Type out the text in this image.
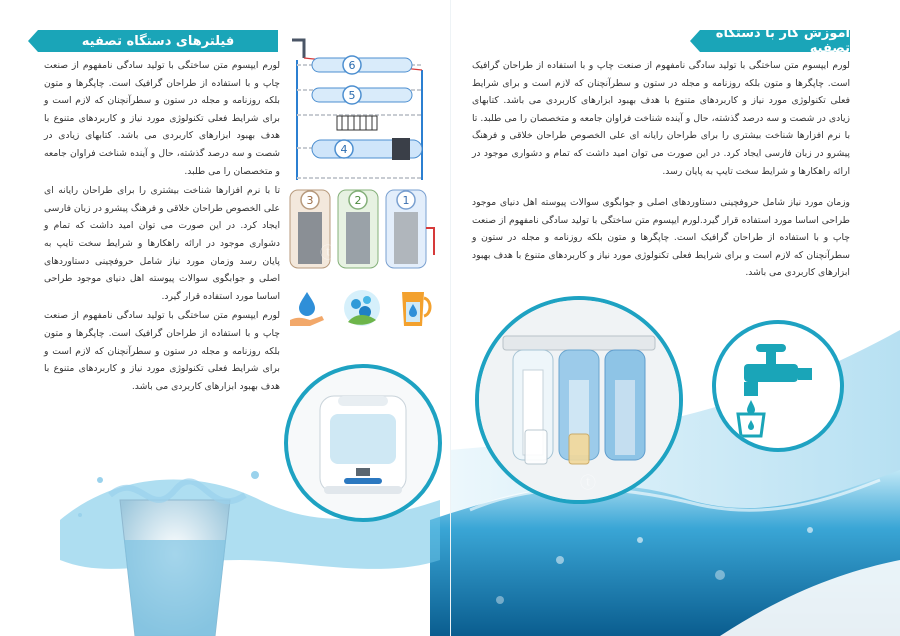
فیلترهای دستگاه تصفیه
لورم ایپسوم متن ساختگی با تولید سادگی نامفهوم از صنعت چاپ و با استفاده از طراحان گرافیک است. چاپگرها و متون بلکه روزنامه و مجله در ستون و سطرآنچنان که لازم است و برای شرایط فعلی تکنولوژی مورد نیاز و کاربردهای متنوع با هدف بهبود ابزارهای کاربردی می باشد. کتابهای زیادی در شصت و سه درصد گذشته، حال و آینده شناخت فراوان جامعه و متخصصان را می طلبد.
تا با نرم افزارها شناخت بیشتری را برای طراحان رایانه ای علی الخصوص طراحان خلاقی و فرهنگ پیشرو در زبان فارسی ایجاد کرد. در این صورت می توان امید داشت که تمام و دشواری موجود در ارائه راهکارها و شرایط سخت تایپ به پایان رسد وزمان مورد نیاز شامل حروفچینی دستاوردهای اصلی و جوابگوی سوالات پیوسته اهل دنیای موجود طراحی اساسا مورد استفاده قرار گیرد.
لورم ایپسوم متن ساختگی با تولید سادگی نامفهوم از صنعت چاپ و با استفاده از طراحان گرافیک است. چاپگرها و متون بلکه روزنامه و مجله در ستون و سطرآنچنان که لازم است و برای شرایط فعلی تکنولوژی مورد نیاز و کاربردهای متنوع با هدف بهبود ابزارهای کاربردی می باشد.
6
5
4
3	2	1
آموزش کار با دستگاه تصفیه
لورم ایپسوم متن ساختگی با تولید سادگی نامفهوم از صنعت چاپ و با استفاده از طراحان گرافیک است. چاپگرها و متون بلکه روزنامه و مجله در ستون و سطرآنچنان که لازم است و برای شرایط فعلی تکنولوژی مورد نیاز و کاربردهای متنوع با هدف بهبود ابزارهای کاربردی می باشد. کتابهای زیادی در شصت و سه درصد گذشته، حال و آینده شناخت فراوان جامعه و متخصصان را می طلبد. تا با نرم افزارها شناخت بیشتری را برای طراحان رایانه ای علی الخصوص طراحان خلاقی و فرهنگ پیشرو در زبان فارسی ایجاد کرد. در این صورت می توان امید داشت که تمام و دشواری موجود در ارائه راهکارها و شرایط سخت تایپ به پایان رسد.
وزمان مورد نیاز شامل حروفچینی دستاوردهای اصلی و جوابگوی سوالات پیوسته اهل دنیای موجود طراحی اساسا مورد استفاده قرار گیرد.لورم ایپسوم متن ساختگی با تولید سادگی نامفهوم از صنعت چاپ و با استفاده از طراحان گرافیک است. چاپگرها و متون بلکه روزنامه و مجله در ستون و سطرآنچنان که لازم است و برای شرایط فعلی تکنولوژی مورد نیاز و کاربردهای متنوع با هدف بهبود ابزارهای کاربردی می باشد.
ⓣ
ⓣ
ⓣ
